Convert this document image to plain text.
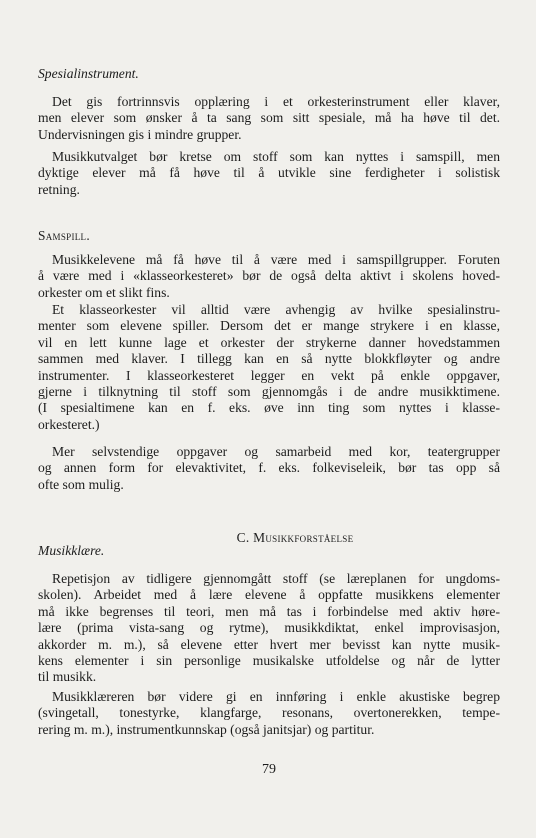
Spesialinstrument.
Det gis fortrinnsvis opplæring i et orkesterinstrument eller klaver,
men elever som ønsker å ta sang som sitt spesiale, må ha høve til det.
Undervisningen gis i mindre grupper.
Musikkutvalget bør kretse om stoff som kan nyttes i samspill, men
dyktige elever må få høve til å utvikle sine ferdigheter i solistisk
retning.
Samspill.
Musikkelevene må få høve til å være med i samspillgrupper. Foruten
å være med i «klasseorkesteret» bør de også delta aktivt i skolens hoved-
orkester om et slikt fins.
Et klasseorkester vil alltid være avhengig av hvilke spesialinstru-
menter som elevene spiller. Dersom det er mange strykere i en klasse,
vil en lett kunne lage et orkester der strykerne danner hovedstammen
sammen med klaver. I tillegg kan en så nytte blokkfløyter og andre
instrumenter. I klasseorkesteret legger en vekt på enkle oppgaver,
gjerne i tilknytning til stoff som gjennomgås i de andre musikktimene.
(I spesialtimene kan en f. eks. øve inn ting som nyttes i klasse-
orkesteret.)
Mer selvstendige oppgaver og samarbeid med kor, teatergrupper
og annen form for elevaktivitet, f. eks. folkeviseleik, bør tas opp så
ofte som mulig.
C. Musikkforståelse
Musikklære.
Repetisjon av tidligere gjennomgått stoff (se læreplanen for ungdoms-
skolen). Arbeidet med å lære elevene å oppfatte musikkens elementer
må ikke begrenses til teori, men må tas i forbindelse med aktiv høre-
lære (prima vista-sang og rytme), musikkdiktat, enkel improvisasjon,
akkorder m. m.), så elevene etter hvert mer bevisst kan nytte musik-
kens elementer i sin personlige musikalske utfoldelse og når de lytter
til musikk.
Musikklæreren bør videre gi en innføring i enkle akustiske begrep
(svingetall, tonestyrke, klangfarge, resonans, overtonerekken, tempe-
rering m. m.), instrumentkunnskap (også janitsjar) og partitur.
79
